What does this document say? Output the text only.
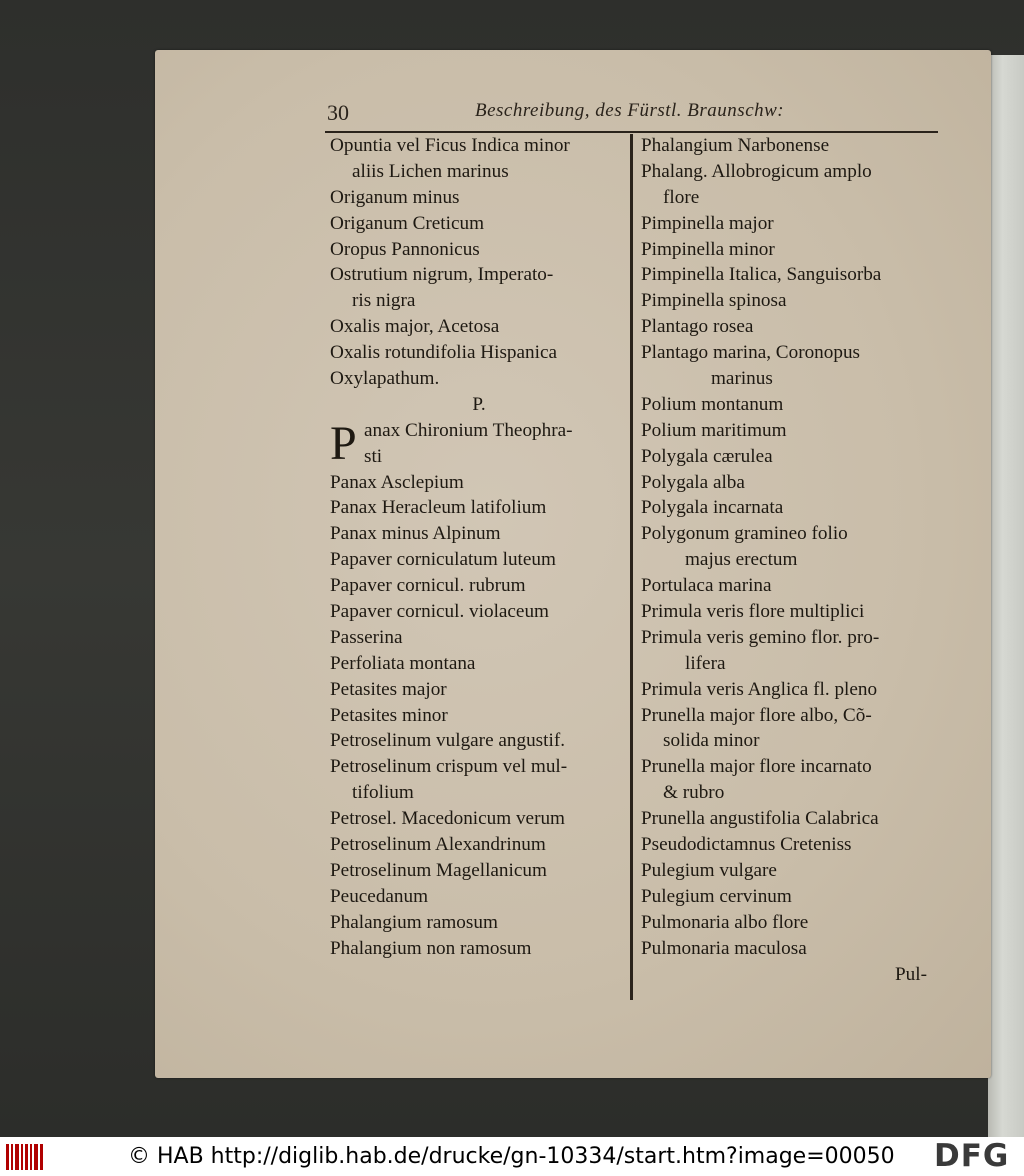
30	Beschreibung, des Fürstl. Braunschw:
Opuntia vel Ficus Indica minor
aliis Lichen marinus
Origanum minus
Origanum Creticum
Oropus Pannonicus
Ostrutium nigrum, Imperato-
ris nigra
Oxalis major, Acetosa
Oxalis rotundifolia Hispanica
Oxylapathum.
P.
P anax Chironium Theophra-
sti
Panax Asclepium
Panax Heracleum latifolium
Panax minus Alpinum
Papaver corniculatum luteum
Papaver cornicul. rubrum
Papaver cornicul. violaceum
Passerina
Perfoliata montana
Petasites major
Petasites minor
Petroselinum vulgare angustif.
Petroselinum crispum vel mul-
tifolium
Petrosel. Macedonicum verum
Petroselinum Alexandrinum
Petroselinum Magellanicum
Peucedanum
Phalangium ramosum
Phalangium non ramosum
Phalangium Narbonense
Phalang. Allobrogicum amplo
flore
Pimpinella major
Pimpinella minor
Pimpinella Italica, Sanguisorba
Pimpinella spinosa
Plantago rosea
Plantago marina, Coronopus
marinus
Polium montanum
Polium maritimum
Polygala cærulea
Polygala alba
Polygala incarnata
Polygonum gramineo folio
majus erectum
Portulaca marina
Primula veris flore multiplici
Primula veris gemino flor. pro-
lifera
Primula veris Anglica fl. pleno
Prunella major flore albo, Cõ-
solida minor
Prunella major flore incarnato
& rubro
Prunella angustifolia Calabrica
Pseudodictamnus Creteniss
Pulegium vulgare
Pulegium cervinum
Pulmonaria albo flore
Pulmonaria maculosa
Pul-
© HAB http://diglib.hab.de/drucke/gn-10334/start.htm?image=00050 DFG
